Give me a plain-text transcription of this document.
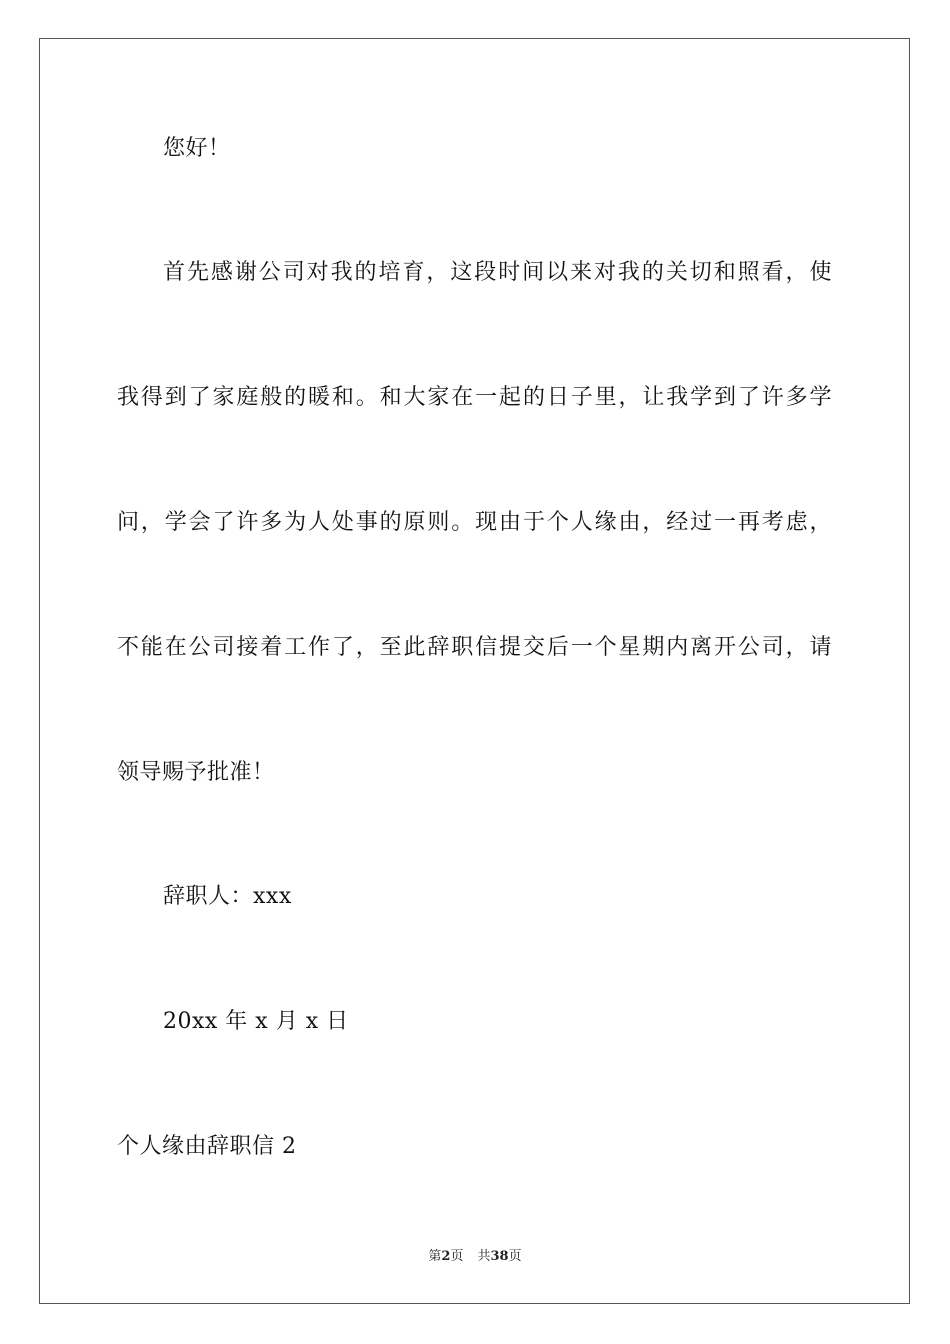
您好！
首先感谢公司对我的培育，这段时间以来对我的关切和照看，使
我得到了家庭般的暖和。和大家在一起的日子里，让我学到了许多学
问，学会了许多为人处事的原则。现由于个人缘由，经过一再考虑，
不能在公司接着工作了，至此辞职信提交后一个星期内离开公司，请
领导赐予批准！
辞职人：xxx
20xx 年 x 月 x 日
个人缘由辞职信 2
第2页 共38页
